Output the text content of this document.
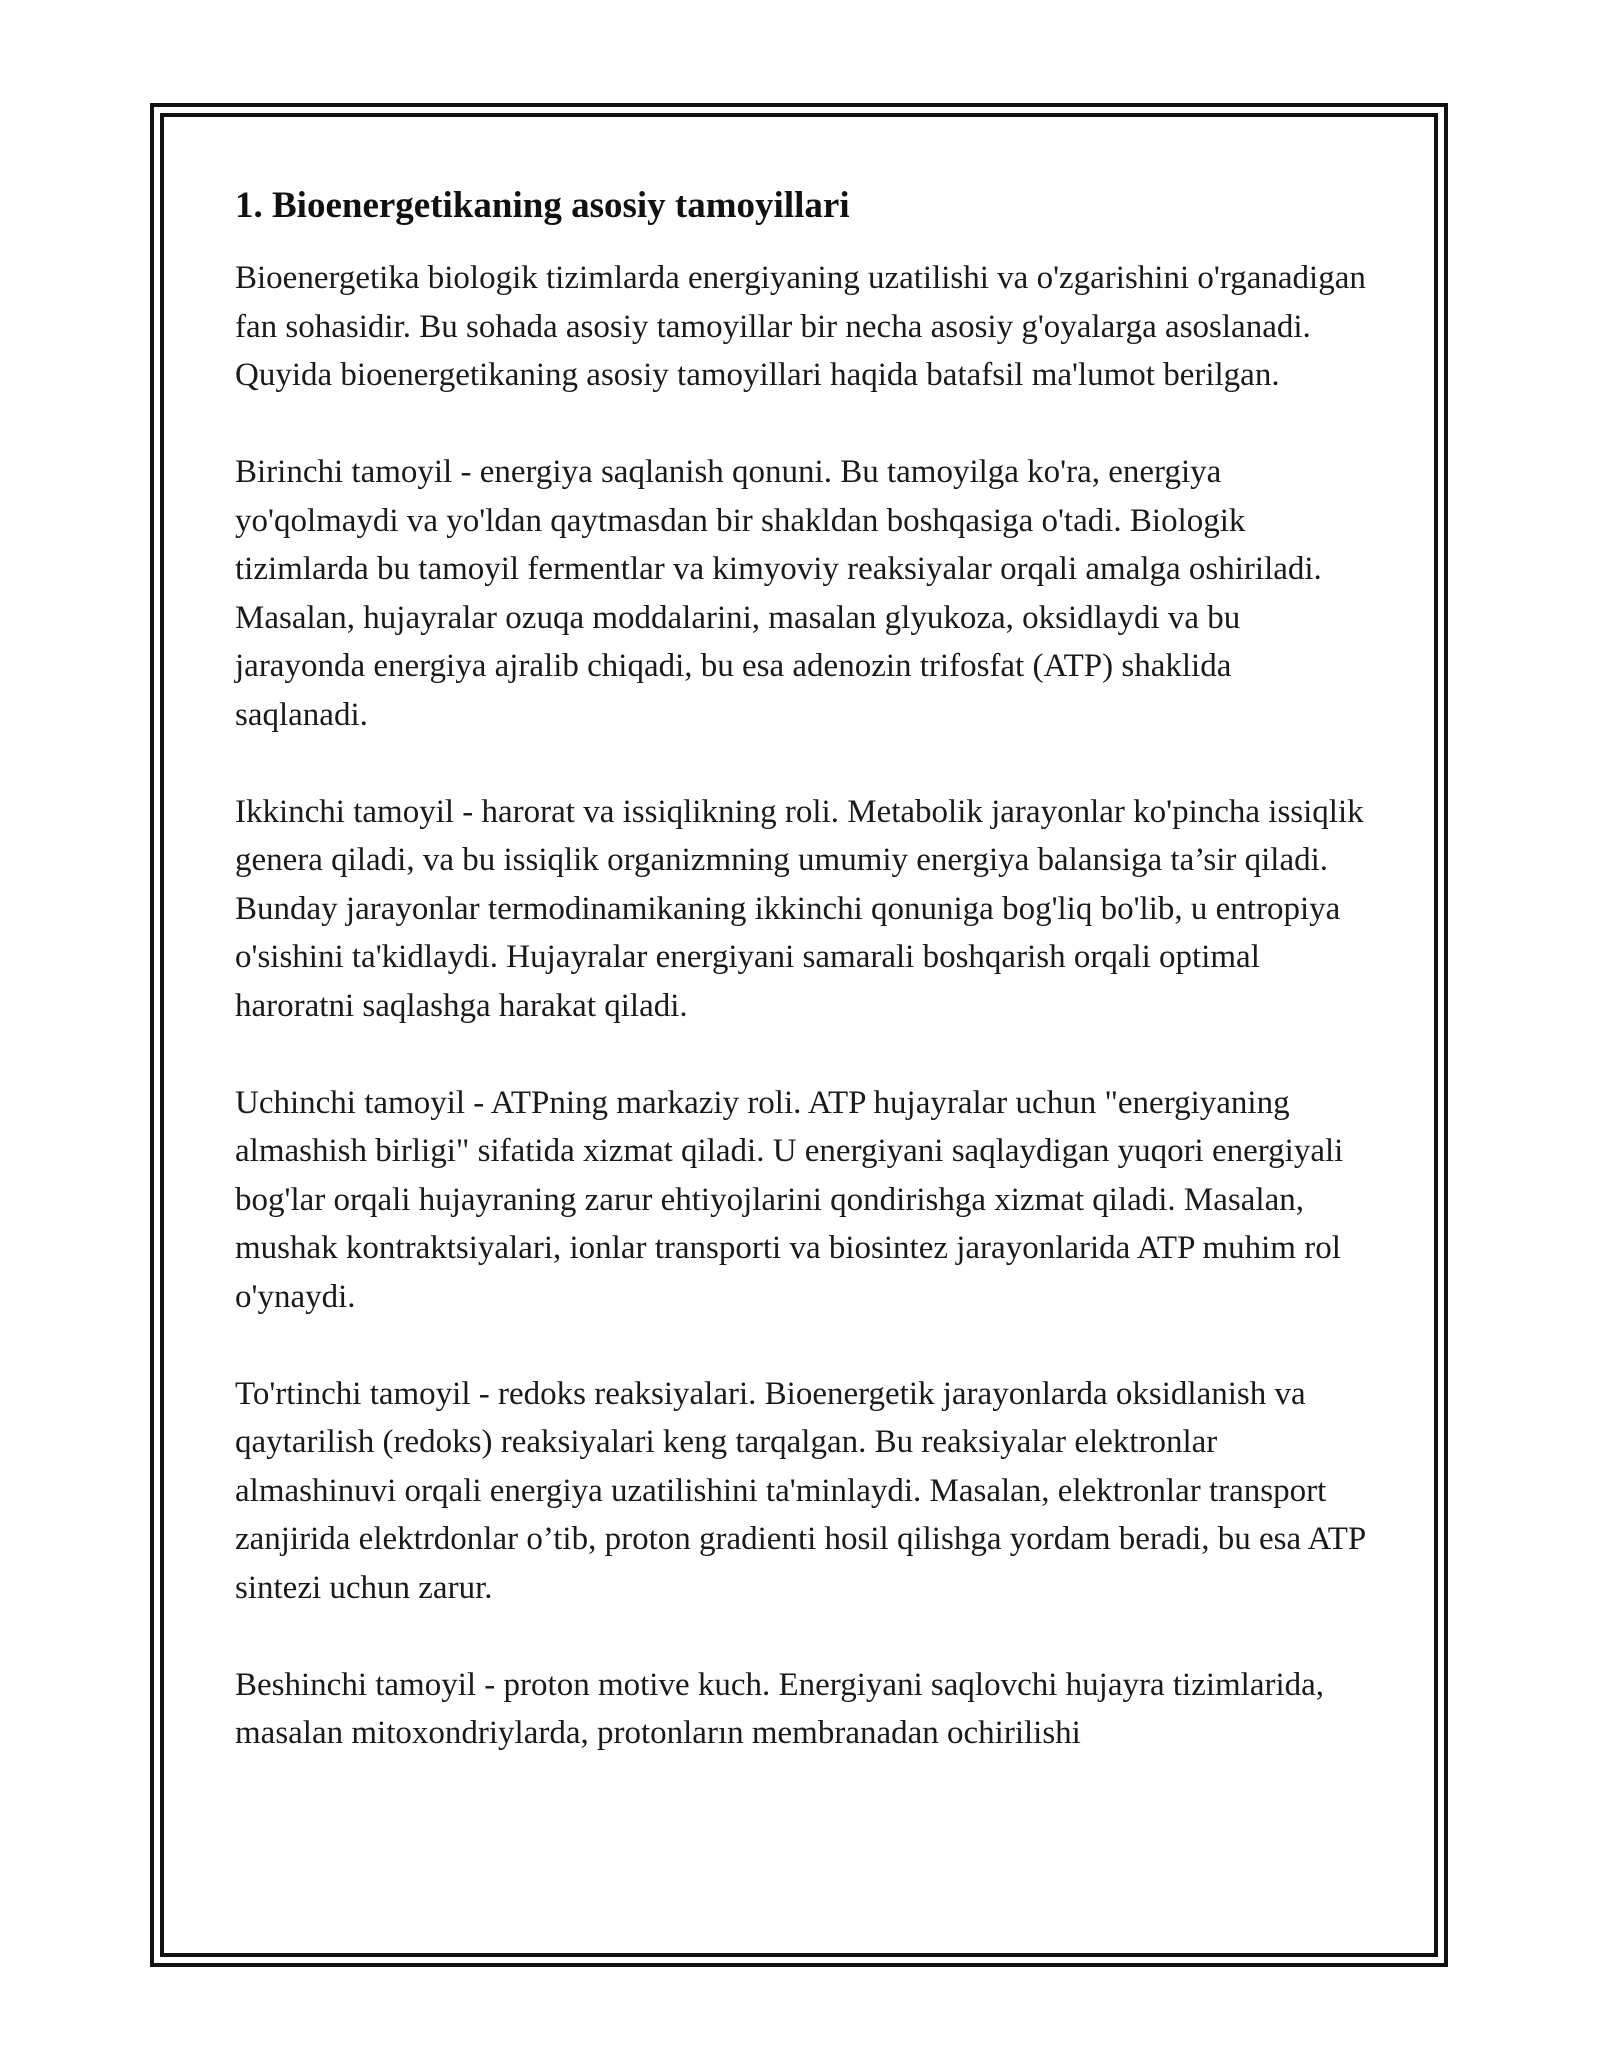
1. Bioenergetikaning asosiy tamoyillari

Bioenergetika biologik tizimlarda energiyaning uzatilishi va o'zgarishini o'rganadigan fan sohasidir. Bu sohada asosiy tamoyillar bir necha asosiy g'oyalarga asoslanadi. Quyida bioenergetikaning asosiy tamoyillari haqida batafsil ma'lumot berilgan.

Birinchi tamoyil - energiya saqlanish qonuni. Bu tamoyilga ko'ra, energiya yo'qolmaydi va yo'ldan qaytmasdan bir shakldan boshqasiga o'tadi. Biologik tizimlarda bu tamoyil fermentlar va kimyoviy reaksiyalar orqali amalga oshiriladi. Masalan, hujayralar ozuqa moddalarini, masalan glyukoza, oksidlaydi va bu jarayonda energiya ajralib chiqadi, bu esa adenozin trifosfat (ATP) shaklida saqlanadi.

Ikkinchi tamoyil - harorat va issiqlikning roli. Metabolik jarayonlar ko'pincha issiqlik genera qiladi, va bu issiqlik organizmning umumiy energiya balansiga ta’sir qiladi. Bunday jarayonlar termodinamikaning ikkinchi qonuniga bog'liq bo'lib, u entropiya o'sishini ta'kidlaydi. Hujayralar energiyani samarali boshqarish orqali optimal haroratni saqlashga harakat qiladi.

Uchinchi tamoyil - ATPning markaziy roli. ATP hujayralar uchun "energiyaning almashish birligi" sifatida xizmat qiladi. U energiyani saqlaydigan yuqori energiyali bog'lar orqali hujayraning zarur ehtiyojlarini qondirishga xizmat qiladi. Masalan, mushak kontraktsiyalari, ionlar transporti va biosintez jarayonlarida ATP muhim rol o'ynaydi.

To'rtinchi tamoyil - redoks reaksiyalari. Bioenergetik jarayonlarda oksidlanish va qaytarilish (redoks) reaksiyalari keng tarqalgan. Bu reaksiyalar elektronlar almashinuvi orqali energiya uzatilishini ta'minlaydi. Masalan, elektronlar transport zanjirida elektrdonlar o’tib, proton gradienti hosil qilishga yordam beradi, bu esa ATP sintezi uchun zarur.

Beshinchi tamoyil - proton motive kuch. Energiyani saqlovchi hujayra tizimlarida, masalan mitoxondriylarda, protonların membranadan ochirilishi
